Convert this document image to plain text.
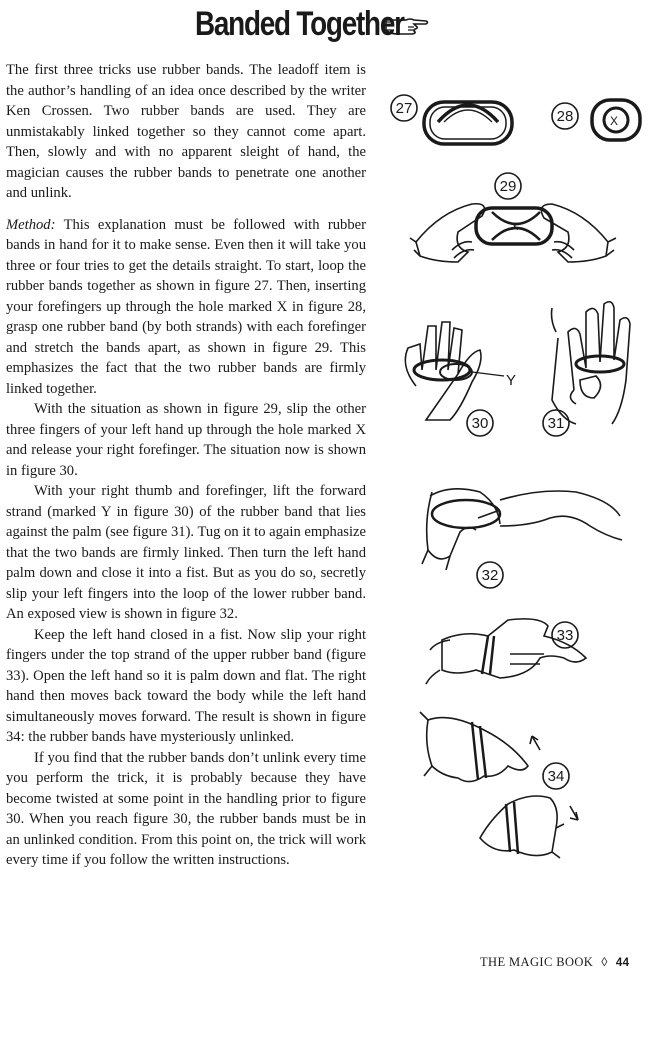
Banded Together

The first three tricks use rubber bands. The leadoff item is the author’s handling of an idea once described by the writer Ken Crossen. Two rubber bands are used. They are unmistakably linked together so they cannot come apart. Then, slowly and with no apparent sleight of hand, the magician causes the rubber bands to penetrate one another and unlink.

Method: This explanation must be followed with rubber bands in hand for it to make sense. Even then it will take you three or four tries to get the details straight. To start, loop the rubber bands together as shown in figure 27. Then, inserting your forefingers up through the hole marked X in figure 28, grasp one rubber band (by both strands) with each forefinger and stretch the bands apart, as shown in figure 29. This emphasizes the fact that the two rubber bands are firmly linked together.

With the situation as shown in figure 29, slip the other three fingers of your left hand up through the hole marked X and release your right forefinger. The situation now is shown in figure 30.

With your right thumb and forefinger, lift the forward strand (marked Y in figure 30) of the rubber band that lies against the palm (see figure 31). Tug on it to again emphasize that the two bands are firmly linked. Then turn the left hand palm down and close it into a fist. But as you do so, secretly slip your left fingers into the loop of the lower rubber band. An exposed view is shown in figure 32.

Keep the left hand closed in a fist. Now slip your right fingers under the top strand of the upper rubber band (figure 33). Open the left hand so it is palm down and flat. The right hand then moves back toward the body while the left hand simultaneously moves forward. The result is shown in figure 34: the rubber bands have mysteriously unlinked.

If you find that the rubber bands don’t unlink every time you perform the trick, it is probably because they have become twisted at some point in the handling prior to figure 30. When you reach figure 30, the rubber bands must be in an unlinked condition. From this point on, the trick will work every time if you follow the written instructions.

27	28	X
29
X
Y
30	31
32
33
34
THE MAGIC BOOK ◊ 44
